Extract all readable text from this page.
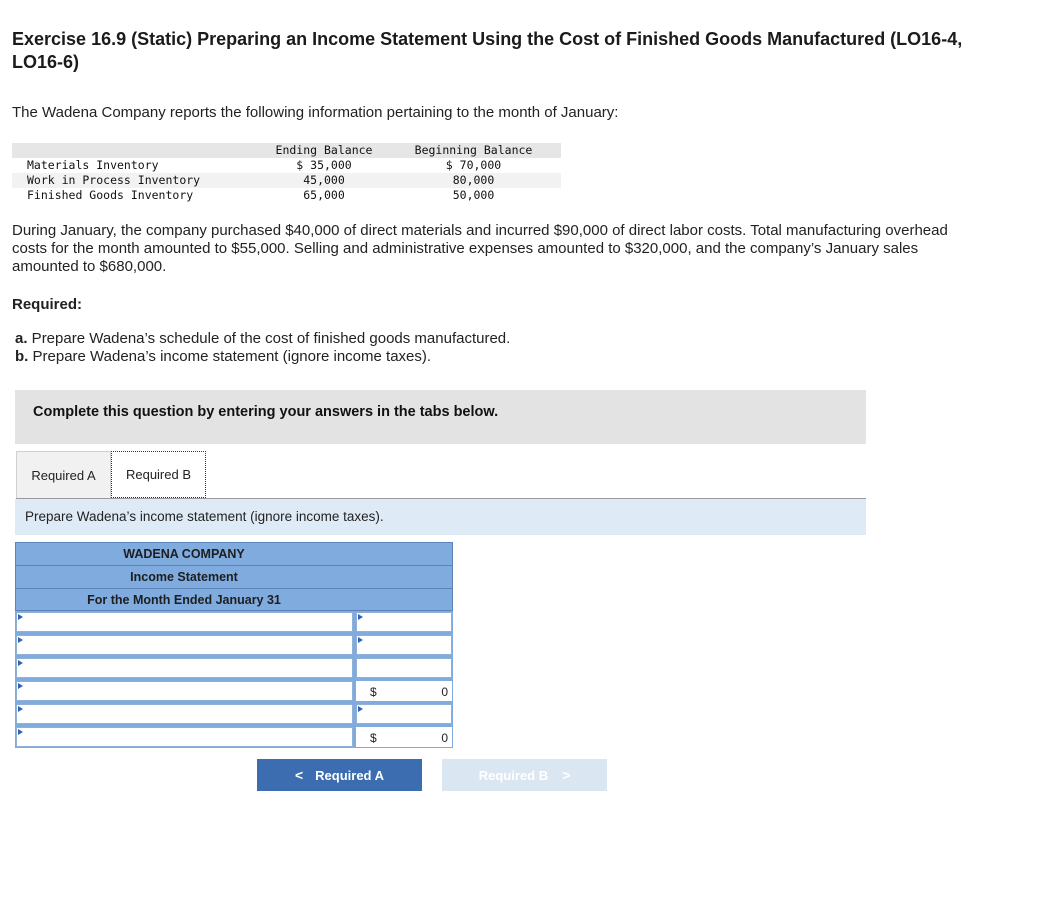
Exercise 16.9 (Static) Preparing an Income Statement Using the Cost of Finished Goods Manufactured (LO16-4, LO16-6)
The Wadena Company reports the following information pertaining to the month of January:
	Ending Balance	Beginning Balance
Materials Inventory	$ 35,000	$ 70,000
Work in Process Inventory	45,000	80,000
Finished Goods Inventory	65,000	50,000
During January, the company purchased $40,000 of direct materials and incurred $90,000 of direct labor costs. Total manufacturing overhead costs for the month amounted to $55,000. Selling and administrative expenses amounted to $320,000, and the company’s January sales amounted to $680,000.
Required:
a. Prepare Wadena’s schedule of the cost of finished goods manufactured.
b. Prepare Wadena’s income statement (ignore income taxes).
Complete this question by entering your answers in the tabs below.
Required A	Required B
Prepare Wadena’s income statement (ignore income taxes).
WADENA COMPANY
Income Statement
For the Month Ended January 31
$	0
$	0
< Required A	Required B >
